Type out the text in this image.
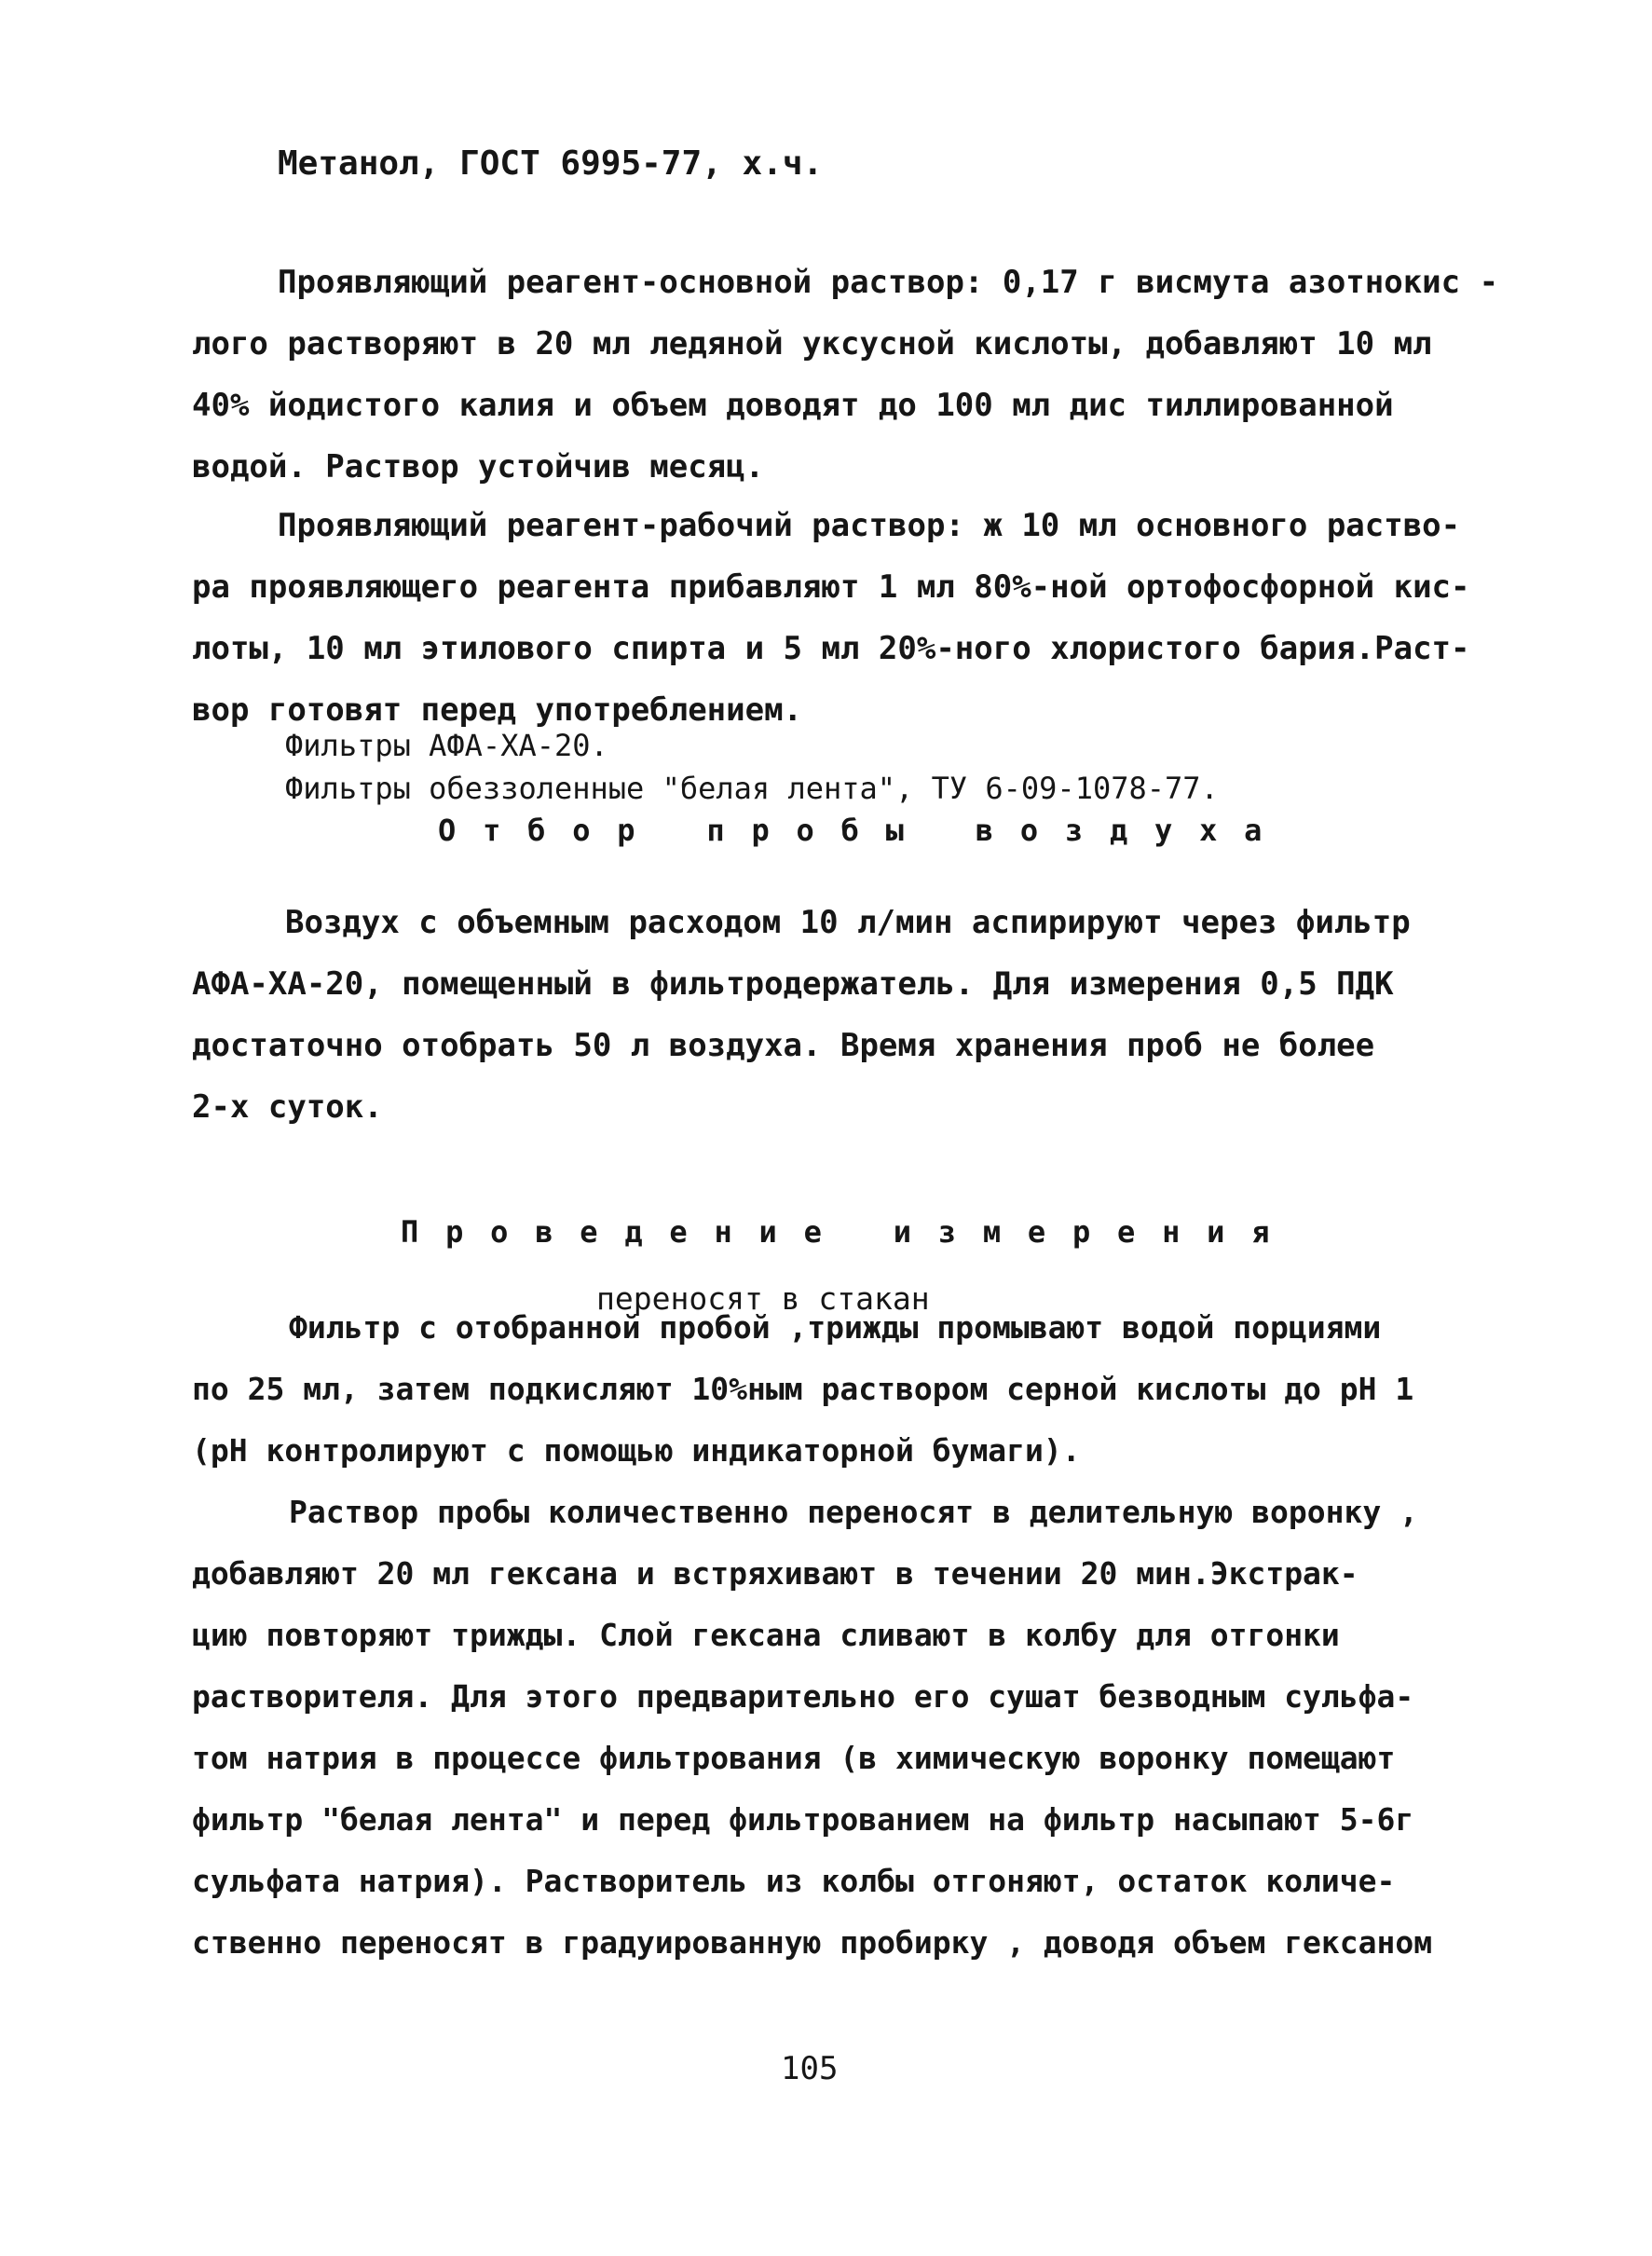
Метанол, ГОСТ 6995-77, х.ч.
Проявляющий реагент-основной раствор: 0,17 г висмута азотнокис -
лого растворяют в 20 мл ледяной уксусной кислоты, добавляют 10 мл
40% йодистого калия и объем доводят до 100 мл дис тиллированной
водой. Раствор устойчив месяц.
Проявляющий реагент-рабочий раствор: ж 10 мл основного раство-
ра проявляющего реагента прибавляют 1 мл 80%-ной ортофосфорной кис-
лоты, 10 мл этилового спирта и 5 мл 20%-ного хлористого бария.Раст-
вор готовят перед употреблением.
Фильтры АФА-ХА-20.
Фильтры обеззоленные "белая лента", ТУ 6-09-1078-77.
Отбор пробы воздуха
Воздух с объемным расходом 10 л/мин аспирируют через фильтр
АФА-ХА-20, помещенный в фильтродержатель. Для измерения 0,5 ПДК
достаточно отобрать 50 л воздуха. Время хранения проб не более
2-х суток.
Проведение измерения
переносят в стакан
Фильтр с отобранной пробой ,трижды промывают водой порциями
по 25 мл, затем подкисляют 10%ным раствором серной кислоты до pH 1
(pH контролируют с помощью индикаторной бумаги).
Раствор пробы количественно переносят в делительную воронку ,
добавляют 20 мл гексана и встряхивают в течении 20 мин.Экстрак-
цию повторяют трижды. Слой гексана сливают в колбу для отгонки
растворителя. Для этого предварительно его сушат безводным сульфа-
том натрия в процессе фильтрования (в химическую воронку помещают
фильтр "белая лента" и перед фильтрованием на фильтр насыпают 5-6г
сульфата натрия). Растворитель из колбы отгоняют, остаток количе-
ственно переносят в градуированную пробирку , доводя объем гексаном
105
